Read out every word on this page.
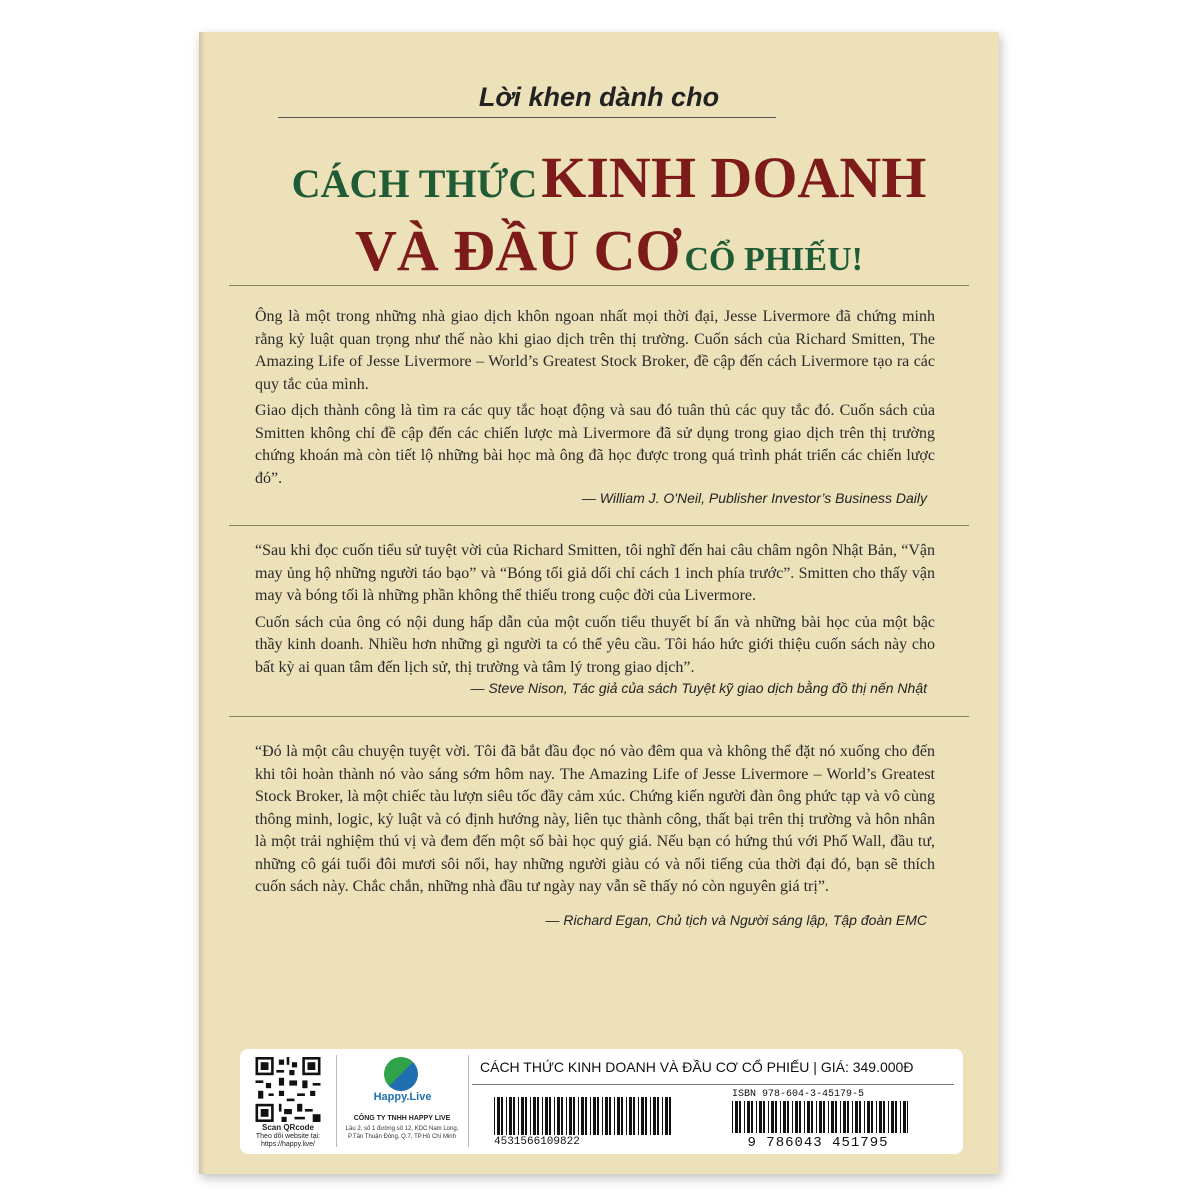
Lời khen dành cho
CÁCH THỨC KINH DOANH
VÀ ĐẦU CƠ CỔ PHIẾU!

Ông là một trong những nhà giao dịch khôn ngoan nhất mọi thời đại, Jesse Livermore đã chứng minh rằng kỷ luật quan trọng như thế nào khi giao dịch trên thị trường. Cuốn sách của Richard Smitten, The Amazing Life of Jesse Livermore – World’s Greatest Stock Broker, đề cập đến cách Livermore tạo ra các quy tắc của mình.

Giao dịch thành công là tìm ra các quy tắc hoạt động và sau đó tuân thủ các quy tắc đó. Cuốn sách của Smitten không chỉ đề cập đến các chiến lược mà Livermore đã sử dụng trong giao dịch trên thị trường chứng khoán mà còn tiết lộ những bài học mà ông đã học được trong quá trình phát triển các chiến lược đó”.

— William J. O'Neil, Publisher Investor’s Business Daily

“Sau khi đọc cuốn tiểu sử tuyệt vời của Richard Smitten, tôi nghĩ đến hai câu châm ngôn Nhật Bản, “Vận may ủng hộ những người táo bạo” và “Bóng tối giả dối chỉ cách 1 inch phía trước”. Smitten cho thấy vận may và bóng tối là những phần không thể thiếu trong cuộc đời của Livermore.

Cuốn sách của ông có nội dung hấp dẫn của một cuốn tiểu thuyết bí ẩn và những bài học của một bậc thầy kinh doanh. Nhiều hơn những gì người ta có thể yêu cầu. Tôi háo hức giới thiệu cuốn sách này cho bất kỳ ai quan tâm đến lịch sử, thị trường và tâm lý trong giao dịch”.

— Steve Nison, Tác giả của sách Tuyệt kỹ giao dịch bằng đồ thị nến Nhật

“Đó là một câu chuyện tuyệt vời. Tôi đã bắt đầu đọc nó vào đêm qua và không thể đặt nó xuống cho đến khi tôi hoàn thành nó vào sáng sớm hôm nay. The Amazing Life of Jesse Livermore – World’s Greatest Stock Broker, là một chiếc tàu lượn siêu tốc đầy cảm xúc. Chứng kiến người đàn ông phức tạp và vô cùng thông minh, logic, kỷ luật và có định hướng này, liên tục thành công, thất bại trên thị trường và hôn nhân là một trải nghiệm thú vị và đem đến một số bài học quý giá. Nếu bạn có hứng thú với Phố Wall, đầu tư, những cô gái tuổi đôi mươi sôi nổi, hay những người giàu có và nổi tiếng của thời đại đó, bạn sẽ thích cuốn sách này. Chắc chắn, những nhà đầu tư ngày nay vẫn sẽ thấy nó còn nguyên giá trị”.

— Richard Egan, Chủ tịch và Người sáng lập, Tập đoàn EMC
Scan QRcode
Theo dõi website tại:
https://happy.live/
Happy.Live
CÔNG TY TNHH HAPPY LIVE
Lầu 2, số 1 đường số 12, KDC Nam Long, P.Tân Thuận Đông, Q.7, TP.Hồ Chí Minh
CÁCH THỨC KINH DOANH VÀ ĐẦU CƠ CỔ PHIẾU | GIÁ: 349.000Đ
4531566109822
ISBN 978-604-3-45179-5
9 786043 451795
